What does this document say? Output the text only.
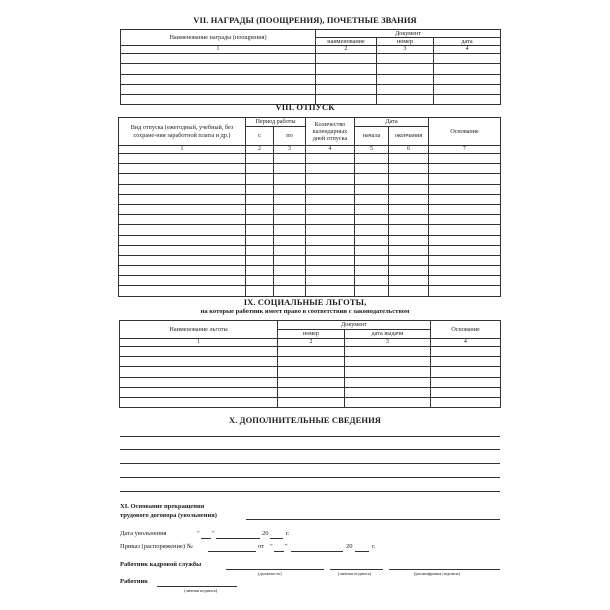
VII. НАГРАДЫ (ПООЩРЕНИЯ), ПОЧЕТНЫЕ ЗВАНИЯ
Наименование награды (поощрения)	Документ		
	наименование	номер	дата
1	2	3	4

VIII. ОТПУСК
Вид отпуска (ежегодный, учебный, без сохране-ния заработной платы и др.)	Период работы		Количество календарных дней отпуска	Дата		Основание
	с	по		начала	окончания	
1	2	3	4	5	6	7

IX. СОЦИАЛЬНЫЕ ЛЬГОТЫ,
на которые работник имеет право в соответствии с законодательством
Наименование льготы	Документ		Основание
	номер	дата выдачи	
1	2	3	4

X. ДОПОЛНИТЕЛЬНЫЕ СВЕДЕНИЯ
XI. Основание прекращения
трудового договора (увольнения)
Дата увольнения	" "	20	г.
Приказ (распоряжение) №	от " "	20	г.
Работник кадровой службы
(должность)	(личная подпись)	(расшифровка подписи)
Работник
(личная подпись)
